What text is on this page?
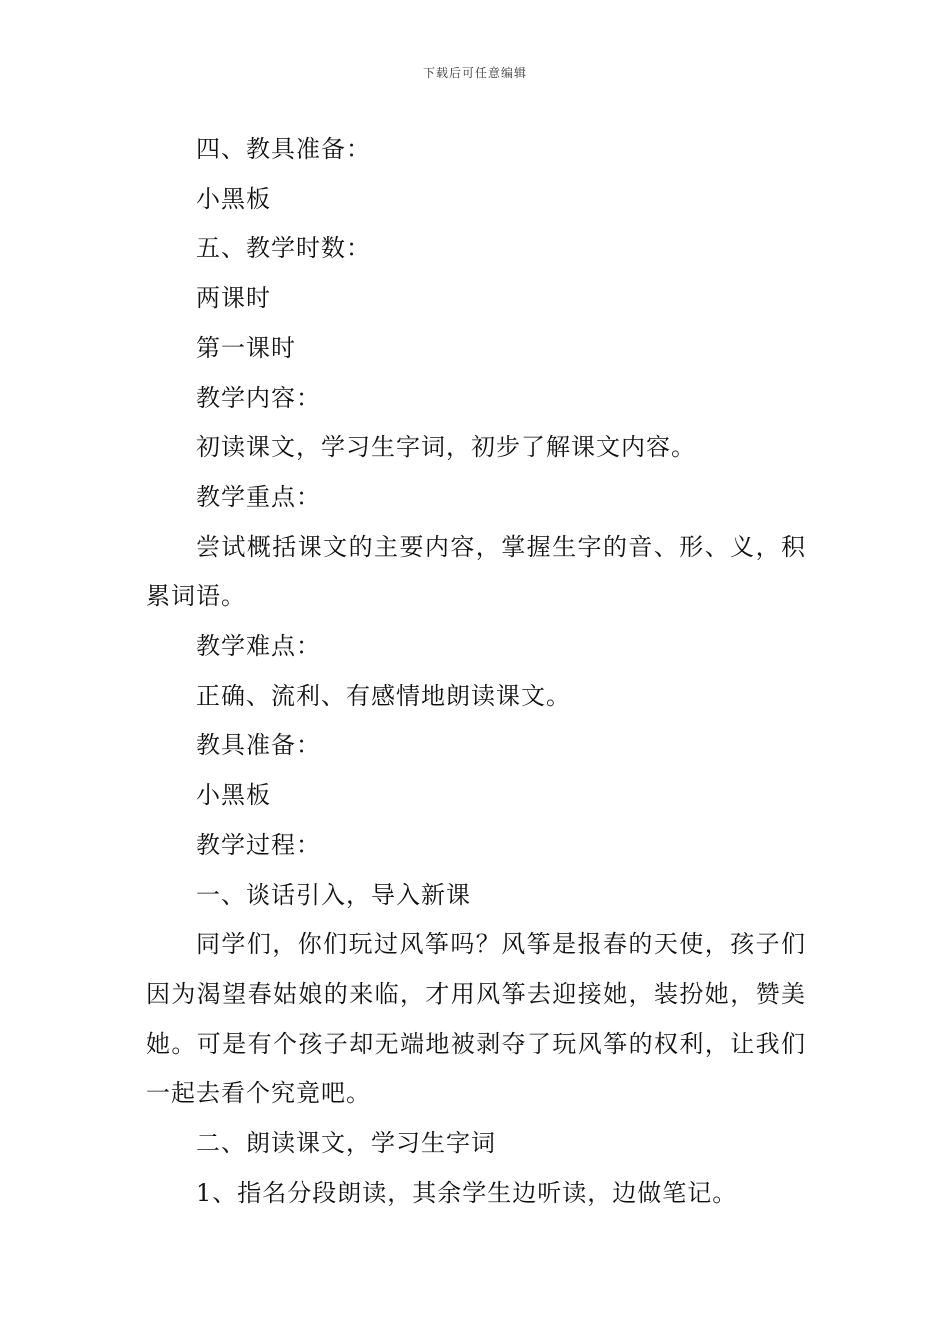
下载后可任意编辑

四、教具准备：

小黑板

五、教学时数：

两课时

第一课时

教学内容：

初读课文，学习生字词，初步了解课文内容。

教学重点：

尝试概括课文的主要内容，掌握生字的音、形、义，积累词语。

教学难点：

正确、流利、有感情地朗读课文。

教具准备：

小黑板

教学过程：

一、谈话引入，导入新课

同学们，你们玩过风筝吗？风筝是报春的天使，孩子们因为渴望春姑娘的来临，才用风筝去迎接她，装扮她，赞美她。可是有个孩子却无端地被剥夺了玩风筝的权利，让我们一起去看个究竟吧。

二、朗读课文，学习生字词

1、指名分段朗读，其余学生边听读，边做笔记。
